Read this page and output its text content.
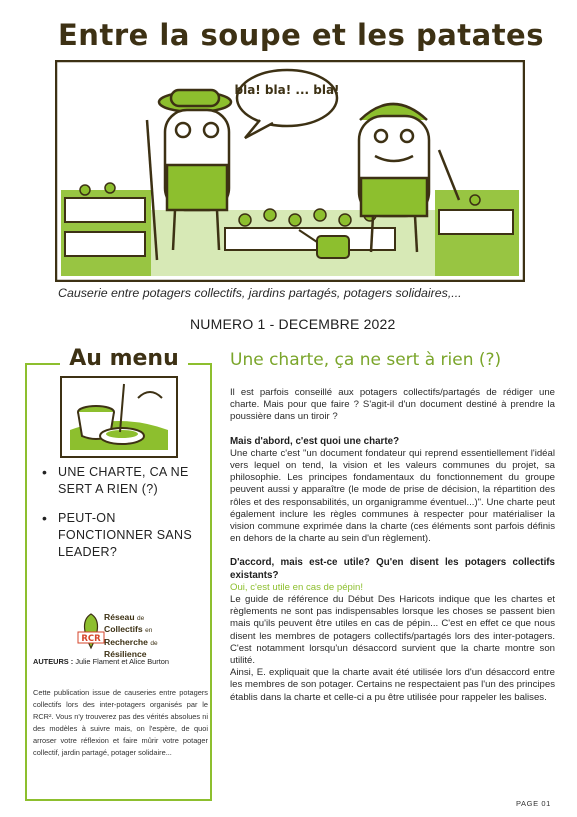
Entre la soupe et les patates
bla! bla! ... bla!
Causerie entre potagers collectifs, jardins partagés, potagers solidaires,...
NUMERO 1 - DECEMBRE 2022
Au menu
• UNE CHARTE, CA NE SERT A RIEN (?)
• PEUT-ON FONCTIONNER SANS LEADER?
RCR
Réseau de
Collectifs en
Recherche de
Résilience
AUTEURS : Julie Flament et Alice Burton
Cette publication issue de causeries entre potagers collectifs lors des inter-potagers organisés par le RCR². Vous n'y trouverez pas des vérités absolues ni des modèles à suivre mais, on l'espère, de quoi arroser votre réflexion et faire mûrir votre potager collectif, jardin partagé, potager solidaire...
Une charte, ça ne sert à rien (?)

Il est parfois conseillé aux potagers collectifs/partagés de rédiger une charte. Mais pour que faire ? S'agit-il d'un document destiné à prendre la poussière dans un tiroir ?

Mais d'abord, c'est quoi une charte?

Une charte c'est "un document fondateur qui reprend essentiellement l'idéal vers lequel on tend, la vision et les valeurs communes du projet, sa philosophie. Les principes fondamentaux du fonctionnement du groupe peuvent aussi y apparaître (le mode de prise de décision, la répartition des rôles et des responsabilités, un organigramme éventuel...)". Une charte peut également inclure les règles communes à respecter pour matérialiser la vision commune exprimée dans la charte (ces éléments sont parfois définis en dehors de la charte au sein d'un règlement).

D'accord, mais est-ce utile? Qu'en disent les potagers collectifs existants?

Oui, c'est utile en cas de pépin!

Le guide de référence du Début Des Haricots indique que les chartes et règlements ne sont pas indispensables lorsque les choses se passent bien mais qu'ils peuvent être utiles en cas de pépin... C'est en effet ce que nous disent les membres de potagers collectifs/partagés lors des inter-potagers. C'est notamment lorsqu'un désaccord survient que la charte montre son utilité.

Ainsi, E. expliquait que la charte avait été utilisée lors d'un désaccord entre les membres de son potager. Certains ne respectaient pas l'un des principes établis dans la charte et celle-ci a pu être utilisée pour rappeler les balises.

PAGE 01
